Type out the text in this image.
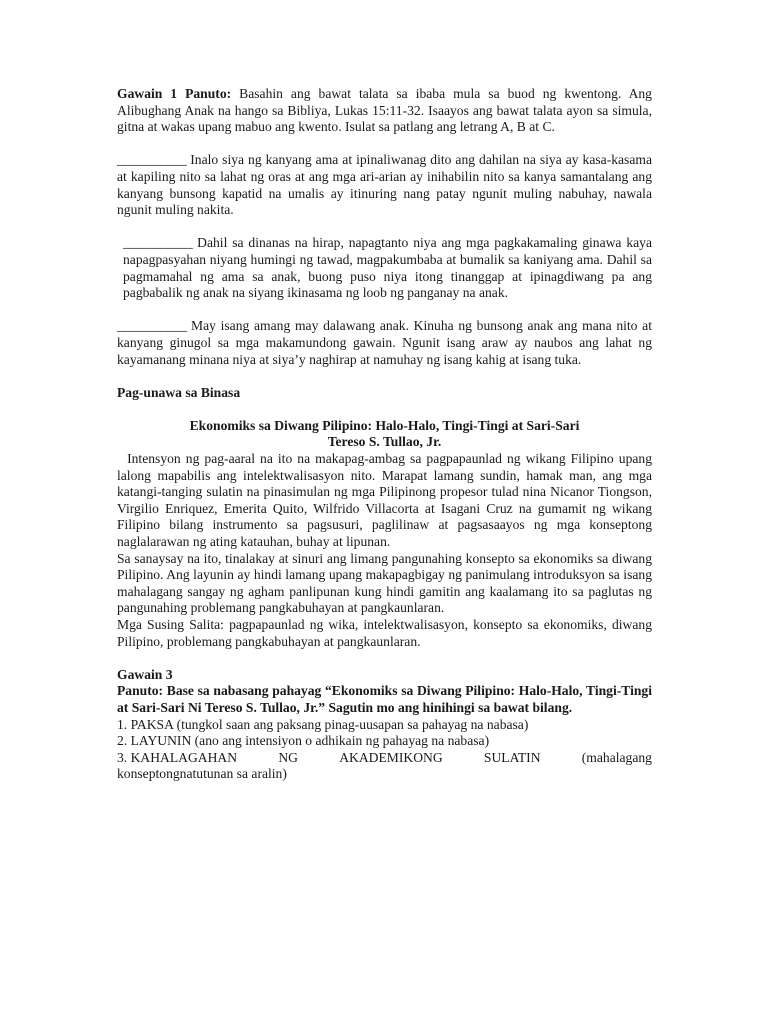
Gawain 1 Panuto: Basahin ang bawat talata sa ibaba mula sa buod ng kwentong. Ang Alibughang Anak na hango sa Bibliya, Lukas 15:11-32. Isaayos ang bawat talata ayon sa simula, gitna at wakas upang mabuo ang kwento. Isulat sa patlang ang letrang A, B at C.

___________ Inalo siya ng kanyang ama at ipinaliwanag dito ang dahilan na siya ay kasa-kasama at kapiling nito sa lahat ng oras at ang mga ari-arian ay inihabilin nito sa kanya samantalang ang kanyang bunsong kapatid na umalis ay itinuring nang patay ngunit muling nabuhay, nawala ngunit muling nakita.

___________ Dahil sa dinanas na hirap, napagtanto niya ang mga pagkakamaling ginawa kaya napagpasyahan niyang humingi ng tawad, magpakumbaba at bumalik sa kaniyang ama. Dahil sa pagmamahal ng ama sa anak, buong puso niya itong tinanggap at ipinagdiwang pa ang pagbabalik ng anak na siyang ikinasama ng loob ng panganay na anak.

___________ May isang amang may dalawang anak. Kinuha ng bunsong anak ang mana nito at kanyang ginugol sa mga makamundong gawain. Ngunit isang araw ay naubos ang lahat ng kayamanang minana niya at siya’y naghirap at namuhay ng isang kahig at isang tuka.

Pag-unawa sa Binasa

Ekonomiks sa Diwang Pilipino: Halo-Halo, Tingi-Tingi at Sari-Sari

Tereso S. Tullao, Jr.

Intensyon ng pag-aaral na ito na makapag-ambag sa pagpapaunlad ng wikang Filipino upang lalong mapabilis ang intelektwalisasyon nito. Marapat lamang sundin, hamak man, ang mga katangi-tanging sulatin na pinasimulan ng mga Pilipinong propesor tulad nina Nicanor Tiongson, Virgilio Enriquez, Emerita Quito, Wilfrido Villacorta at Isagani Cruz na gumamit ng wikang Filipino bilang instrumento sa pagsusuri, paglilinaw at pagsasaayos ng mga konseptong naglalarawan ng ating katauhan, buhay at lipunan.

Sa sanaysay na ito, tinalakay at sinuri ang limang pangunahing konsepto sa ekonomiks sa diwang Pilipino. Ang layunin ay hindi lamang upang makapagbigay ng panimulang introduksyon sa isang mahalagang sangay ng agham panlipunan kung hindi gamitin ang kaalamang ito sa paglutas ng pangunahing problemang pangkabuhayan at pangkaunlaran.

Mga Susing Salita: pagpapaunlad ng wika, intelektwalisasyon, konsepto sa ekonomiks, diwang Pilipino, problemang pangkabuhayan at pangkaunlaran.

Gawain 3

Panuto: Base sa nabasang pahayag “Ekonomiks sa Diwang Pilipino: Halo-Halo, Tingi-Tingi at Sari-Sari Ni Tereso S. Tullao, Jr.” Sagutin mo ang hinihingi sa bawat bilang.

1. PAKSA (tungkol saan ang paksang pinag-uusapan sa pahayag na nabasa)

2. LAYUNIN (ano ang intensiyon o adhikain ng pahayag na nabasa)

3. KAHALAGAHAN	NG	AKADEMIKONG	SULATIN	(mahalagang

konseptongnatutunan sa aralin)
